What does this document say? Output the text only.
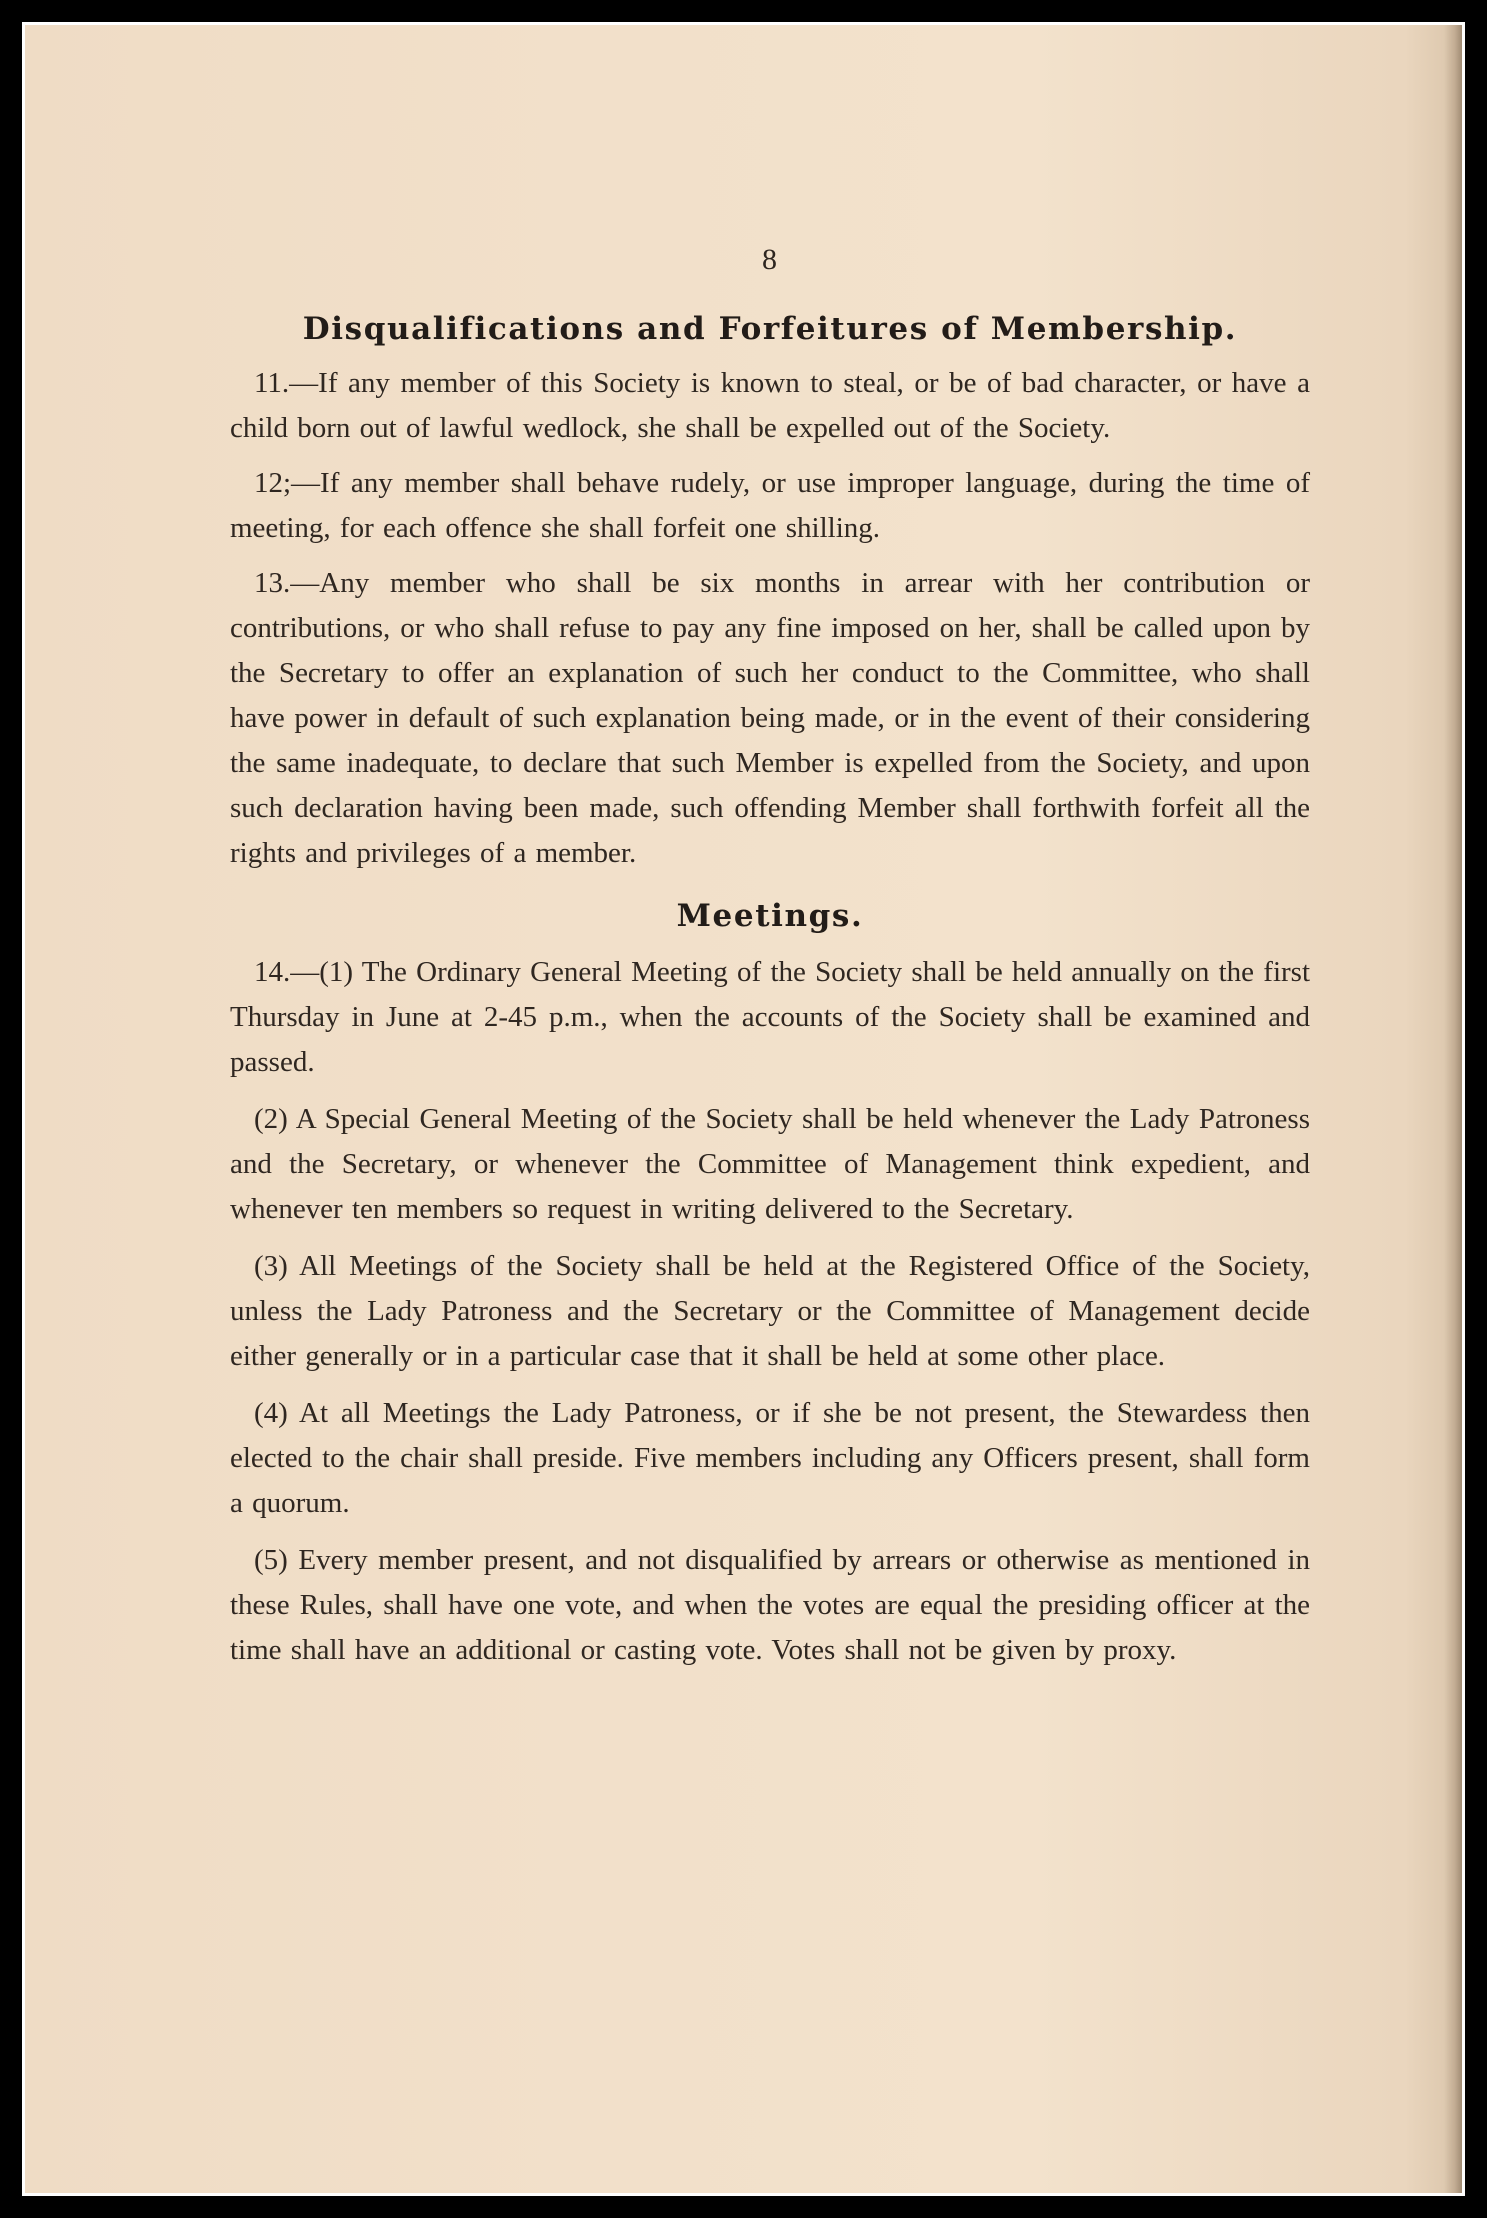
8
Disqualifications and Forfeitures of Membership.

11.—If any member of this Society is known to steal, or be of bad character, or have a child born out of lawful wedlock, she shall be expelled out of the Society.

12;—If any member shall behave rudely, or use improper language, during the time of meeting, for each offence she shall forfeit one shilling.

13.—Any member who shall be six months in arrear with her contribution or contributions, or who shall refuse to pay any fine imposed on her, shall be called upon by the Secretary to offer an explanation of such her conduct to the Committee, who shall have power in default of such explanation being made, or in the event of their considering the same inadequate, to declare that such Member is expelled from the Society, and upon such declaration having been made, such offending Member shall forthwith forfeit all the rights and privileges of a member.

Meetings.

14.—(1) The Ordinary General Meeting of the Society shall be held annually on the first Thursday in June at 2-45 p.m., when the accounts of the Society shall be examined and passed.

(2) A Special General Meeting of the Society shall be held whenever the Lady Patroness and the Secretary, or whenever the Committee of Management think expedient, and whenever ten members so request in writing delivered to the Secretary.

(3) All Meetings of the Society shall be held at the Registered Office of the Society, unless the Lady Patroness and the Secretary or the Committee of Management decide either generally or in a particular case that it shall be held at some other place.

(4) At all Meetings the Lady Patroness, or if she be not present, the Stewardess then elected to the chair shall preside. Five members including any Officers present, shall form a quorum.

(5) Every member present, and not disqualified by arrears or otherwise as mentioned in these Rules, shall have one vote, and when the votes are equal the presiding officer at the time shall have an additional or casting vote. Votes shall not be given by proxy.
